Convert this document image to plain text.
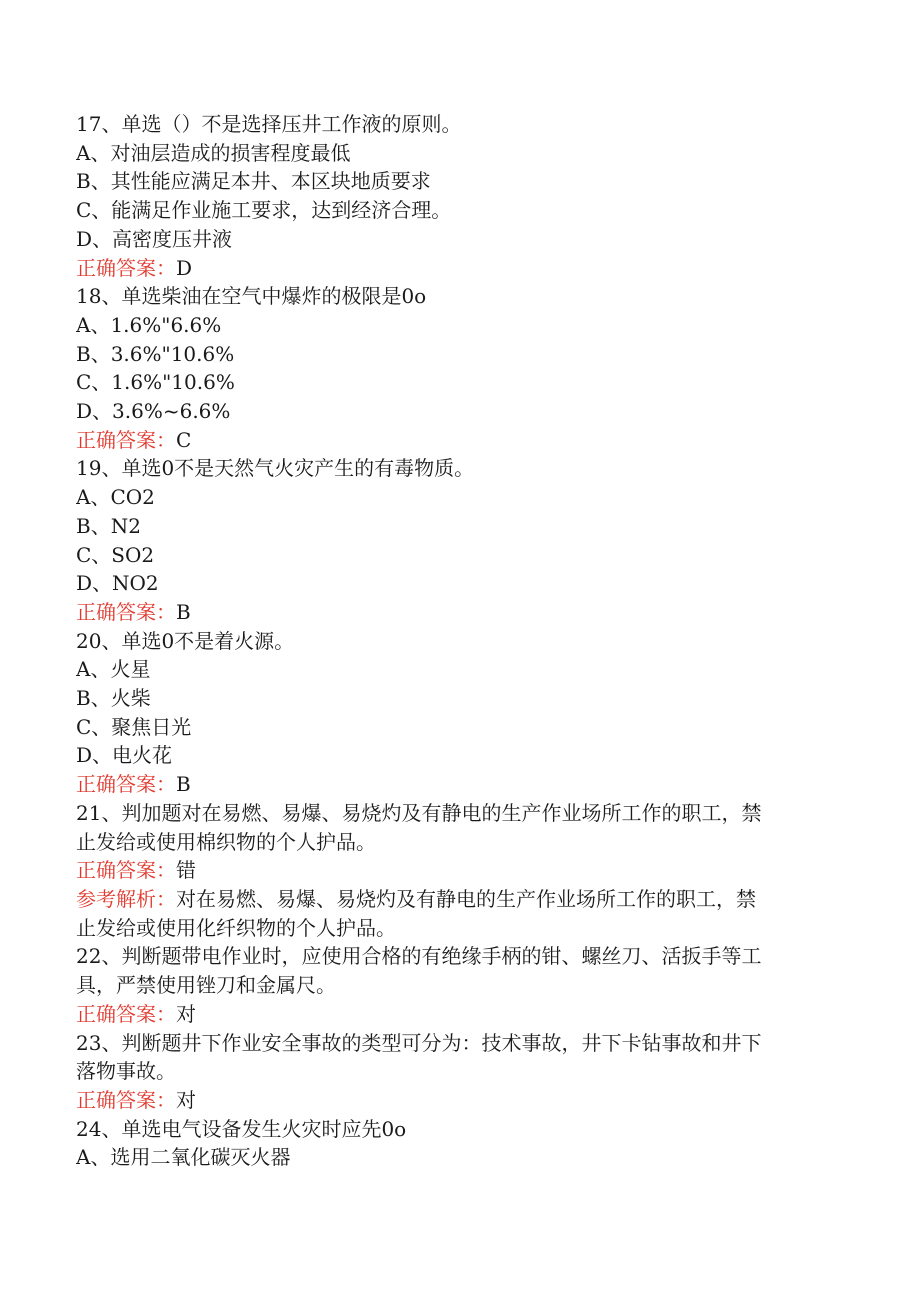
17、单选（）不是选择压井工作液的原则。
A、对油层造成的损害程度最低
B、其性能应满足本井、本区块地质要求
C、能满足作业施工要求，达到经济合理。
D、高密度压井液
正确答案：D
18、单选柴油在空气中爆炸的极限是0o
A、1.6%"6.6%
B、3.6%"10.6%
C、1.6%"10.6%
D、3.6%~6.6%
正确答案：C
19、单选0不是天然气火灾产生的有毒物质。
A、CO2
B、N2
C、SO2
D、NO2
正确答案：B
20、单选0不是着火源。
A、火星
B、火柴
C、聚焦日光
D、电火花
正确答案：B
21、判加题对在易燃、易爆、易烧灼及有静电的生产作业场所工作的职工，禁
止发给或使用棉织物的个人护品。
正确答案：错
参考解析：对在易燃、易爆、易烧灼及有静电的生产作业场所工作的职工，禁
止发给或使用化纤织物的个人护品。
22、判断题带电作业时，应使用合格的有绝缘手柄的钳、螺丝刀、活扳手等工
具，严禁使用锉刀和金属尺。
正确答案：对
23、判断题井下作业安全事故的类型可分为：技术事故，井下卡钻事故和井下
落物事故。
正确答案：对
24、单选电气设备发生火灾时应先0o
A、选用二氧化碳灭火器
